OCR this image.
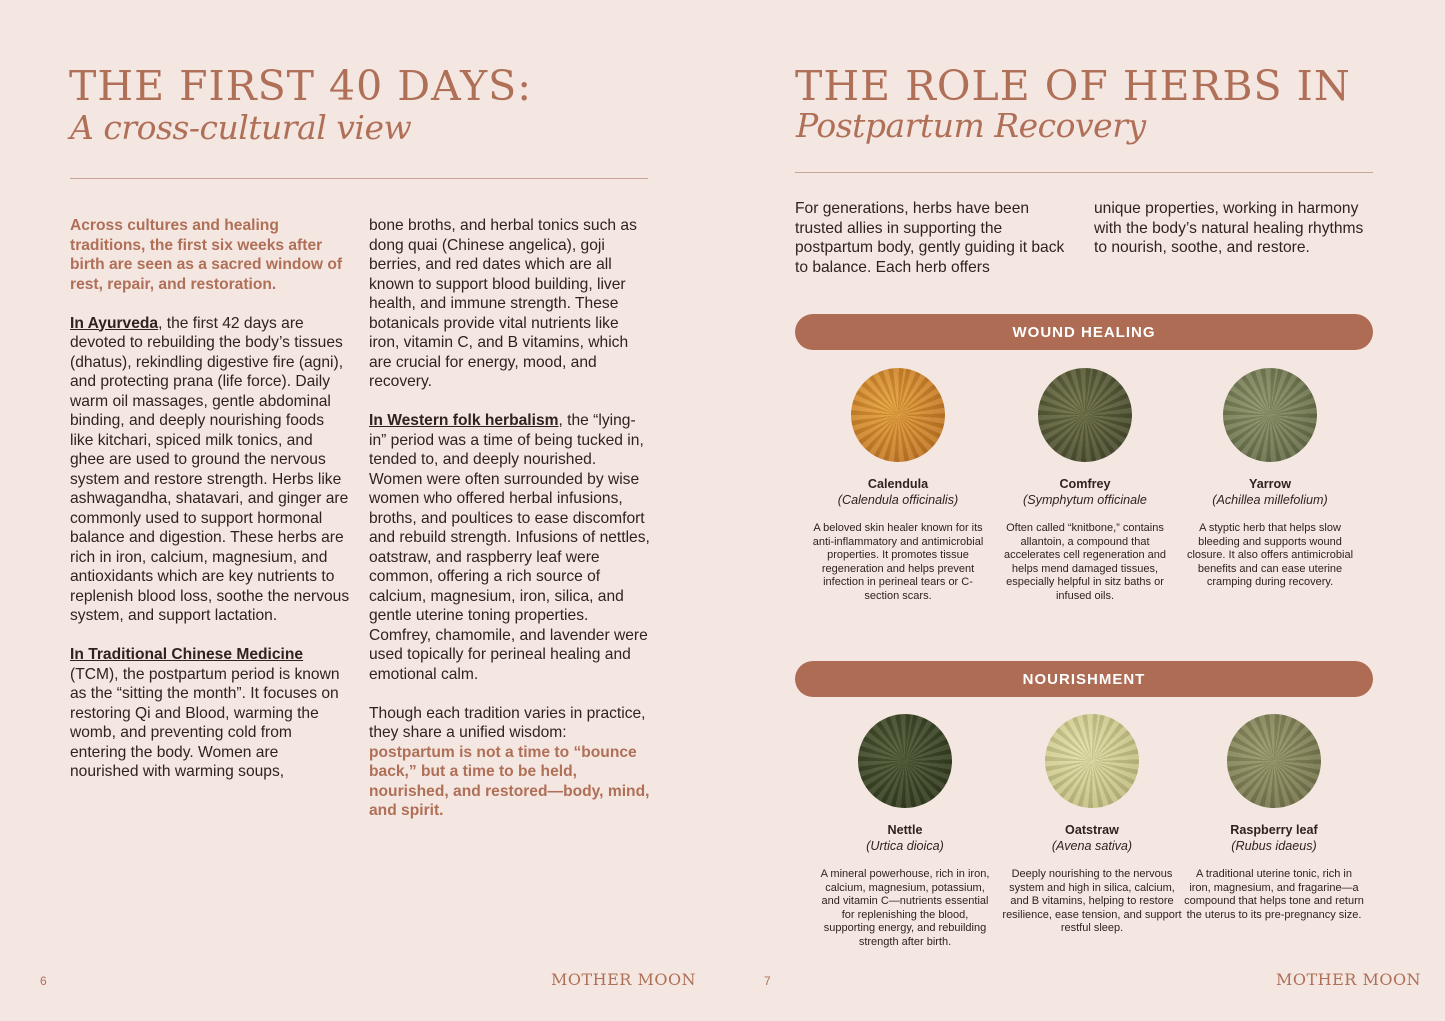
THE FIRST 40 DAYS:
A cross-cultural view

Across cultures and healing traditions, the first six weeks after birth are seen as a sacred window of rest, repair, and restoration.

In Ayurveda, the first 42 days are devoted to rebuilding the body’s tissues (dhatus), rekindling digestive fire (agni), and protecting prana (life force). Daily warm oil massages, gentle abdominal binding, and deeply nourishing foods like kitchari, spiced milk tonics, and ghee are used to ground the nervous system and restore strength. Herbs like ashwagandha, shatavari, and ginger are commonly used to support hormonal balance and digestion. These herbs are rich in iron, calcium, magnesium, and antioxidants which are key nutrients to replenish blood loss, soothe the nervous system, and support lactation.

In Traditional Chinese Medicine (TCM), the postpartum period is known as the “sitting the month”. It focuses on restoring Qi and Blood, warming the womb, and preventing cold from entering the body. Women are nourished with warming soups,

bone broths, and herbal tonics such as dong quai (Chinese angelica), goji berries, and red dates which are all known to support blood building, liver health, and immune strength. These botanicals provide vital nutrients like iron, vitamin C, and B vitamins, which are crucial for energy, mood, and recovery.

In Western folk herbalism, the “lying-in” period was a time of being tucked in, tended to, and deeply nourished. Women were often surrounded by wise women who offered herbal infusions, broths, and poultices to ease discomfort and rebuild strength. Infusions of nettles, oatstraw, and raspberry leaf were common, offering a rich source of calcium, magnesium, iron, silica, and gentle uterine toning properties. Comfrey, chamomile, and lavender were used topically for perineal healing and emotional calm.

Though each tradition varies in practice, they share a unified wisdom: postpartum is not a time to “bounce back,” but a time to be held, nourished, and restored—body, mind, and spirit.

6	MOTHER MOON
THE ROLE OF HERBS IN
Postpartum Recovery
For generations, herbs have been trusted allies in supporting the postpartum body, gently guiding it back to balance. Each herb offers
unique properties, working in harmony with the body’s natural healing rhythms to nourish, soothe, and restore.
WOUND HEALING
Calendula
(Calendula officinalis)
A beloved skin healer known for its anti-inflammatory and antimicrobial properties. It promotes tissue regeneration and helps prevent infection in perineal tears or C-section scars.
Comfrey
(Symphytum officinale
Often called “knitbone,” contains allantoin, a compound that accelerates cell regeneration and helps mend damaged tissues, especially helpful in sitz baths or infused oils.
Yarrow
(Achillea millefolium)
A styptic herb that helps slow bleeding and supports wound closure. It also offers antimicrobial benefits and can ease uterine cramping during recovery.
NOURISHMENT
Nettle
(Urtica dioica)
A mineral powerhouse, rich in iron, calcium, magnesium, potassium, and vitamin C—nutrients essential for replenishing the blood, supporting energy, and rebuilding strength after birth.
Oatstraw
(Avena sativa)
Deeply nourishing to the nervous system and high in silica, calcium, and B vitamins, helping to restore resilience, ease tension, and support restful sleep.
Raspberry leaf
(Rubus idaeus)
A traditional uterine tonic, rich in iron, magnesium, and fragarine—a compound that helps tone and return the uterus to its pre-pregnancy size.
7	MOTHER MOON
